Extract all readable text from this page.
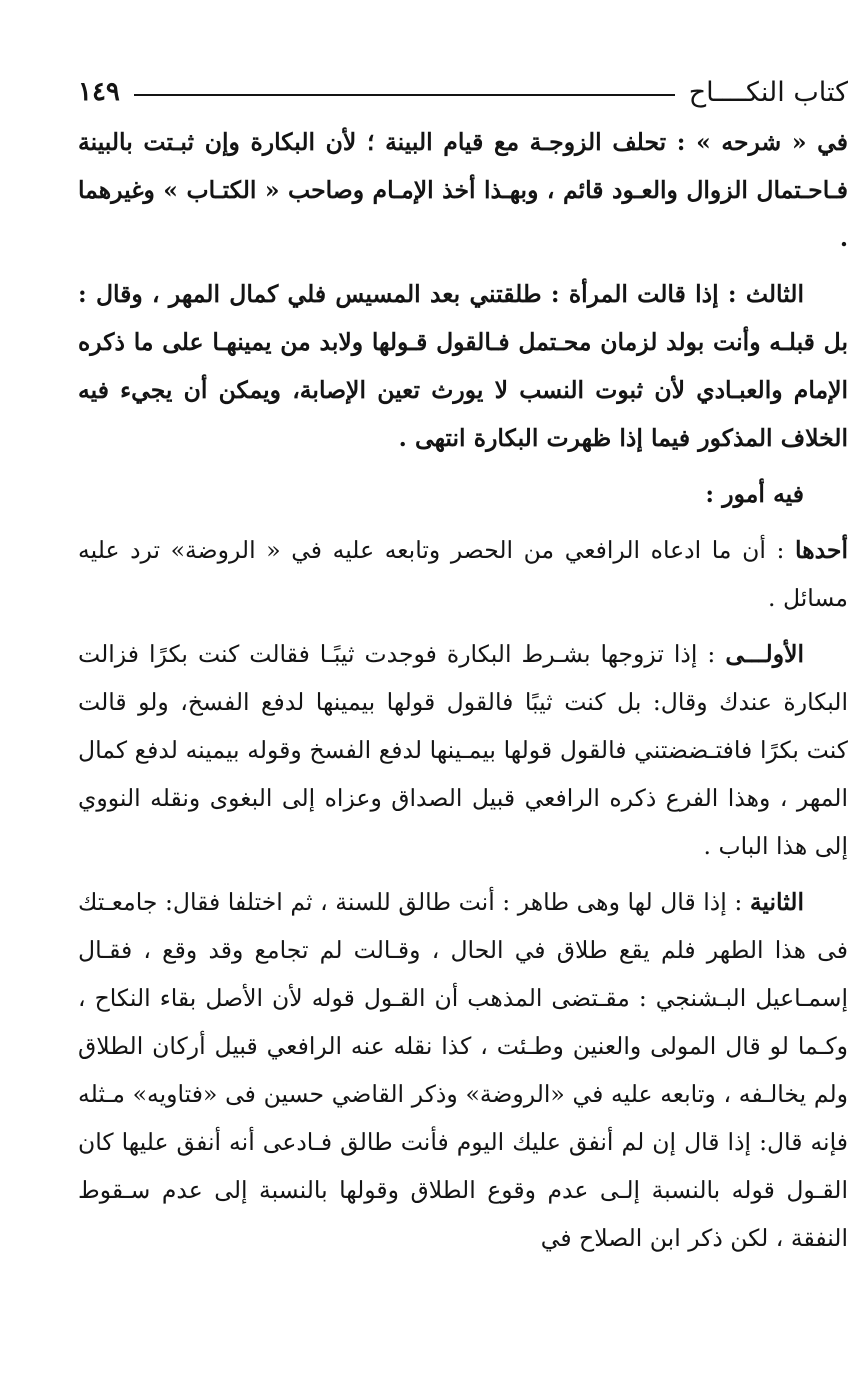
كتاب النكــــاح
١٤٩

في « شرحه » : تحلف الزوجـة مع قيام البينة ؛ لأن البكارة وإن ثبـتت بالبينة فـاحـتمال الزوال والعـود قائم ، وبهـذا أخذ الإمـام وصاحب « الكتـاب » وغيرهما .

الثالث : إذا قالت المرأة : طلقتني بعد المسيس فلي كمال المهر ، وقال : بل قبلـه وأنت بولد لزمان محـتمل فـالقول قـولها ولابد من يمينهـا على ما ذكره الإمام والعبـادي لأن ثبوت النسب لا يورث تعين الإصابة، ويمكن أن يجيء فيه الخلاف المذكور فيما إذا ظهرت البكارة انتهى .

فيه أمور :

أحدها : أن ما ادعاه الرافعي من الحصر وتابعه عليه في « الروضة» ترد عليه مسائل .

الأولـــى : إذا تزوجها بشـرط البكارة فوجدت ثيبًـا فقالت كنت بكرًا فزالت البكارة عندك وقال: بل كنت ثيبًا فالقول قولها بيمينها لدفع الفسخ، ولو قالت كنت بكرًا فافتـضضتني فالقول قولها بيمـينها لدفع الفسخ وقوله بيمينه لدفع كمال المهر ، وهذا الفرع ذكره الرافعي قبيل الصداق وعزاه إلى البغوى ونقله النووي إلى هذا الباب .

الثانية : إذا قال لها وهى طاهر : أنت طالق للسنة ، ثم اختلفا فقال: جامعـتك فى هذا الطهر فلم يقع طلاق في الحال ، وقـالت لم تجامع وقد وقع ، فقـال إسمـاعيل البـشنجي : مقـتضى المذهب أن القـول قوله لأن الأصل بقاء النكاح ، وكـما لو قال المولى والعنين وطـئت ، كذا نقله عنه الرافعي قبيل أركان الطلاق ولم يخالـفه ، وتابعه عليه في «الروضة» وذكر القاضي حسين فى «فتاويه» مـثله فإنه قال: إذا قال إن لم أنفق عليك اليوم فأنت طالق فـادعى أنه أنفق عليها كان القـول قوله بالنسبة إلـى عدم وقوع الطلاق وقولها بالنسبة إلى عدم سـقوط النفقة ، لكن ذكر ابن الصلاح في
